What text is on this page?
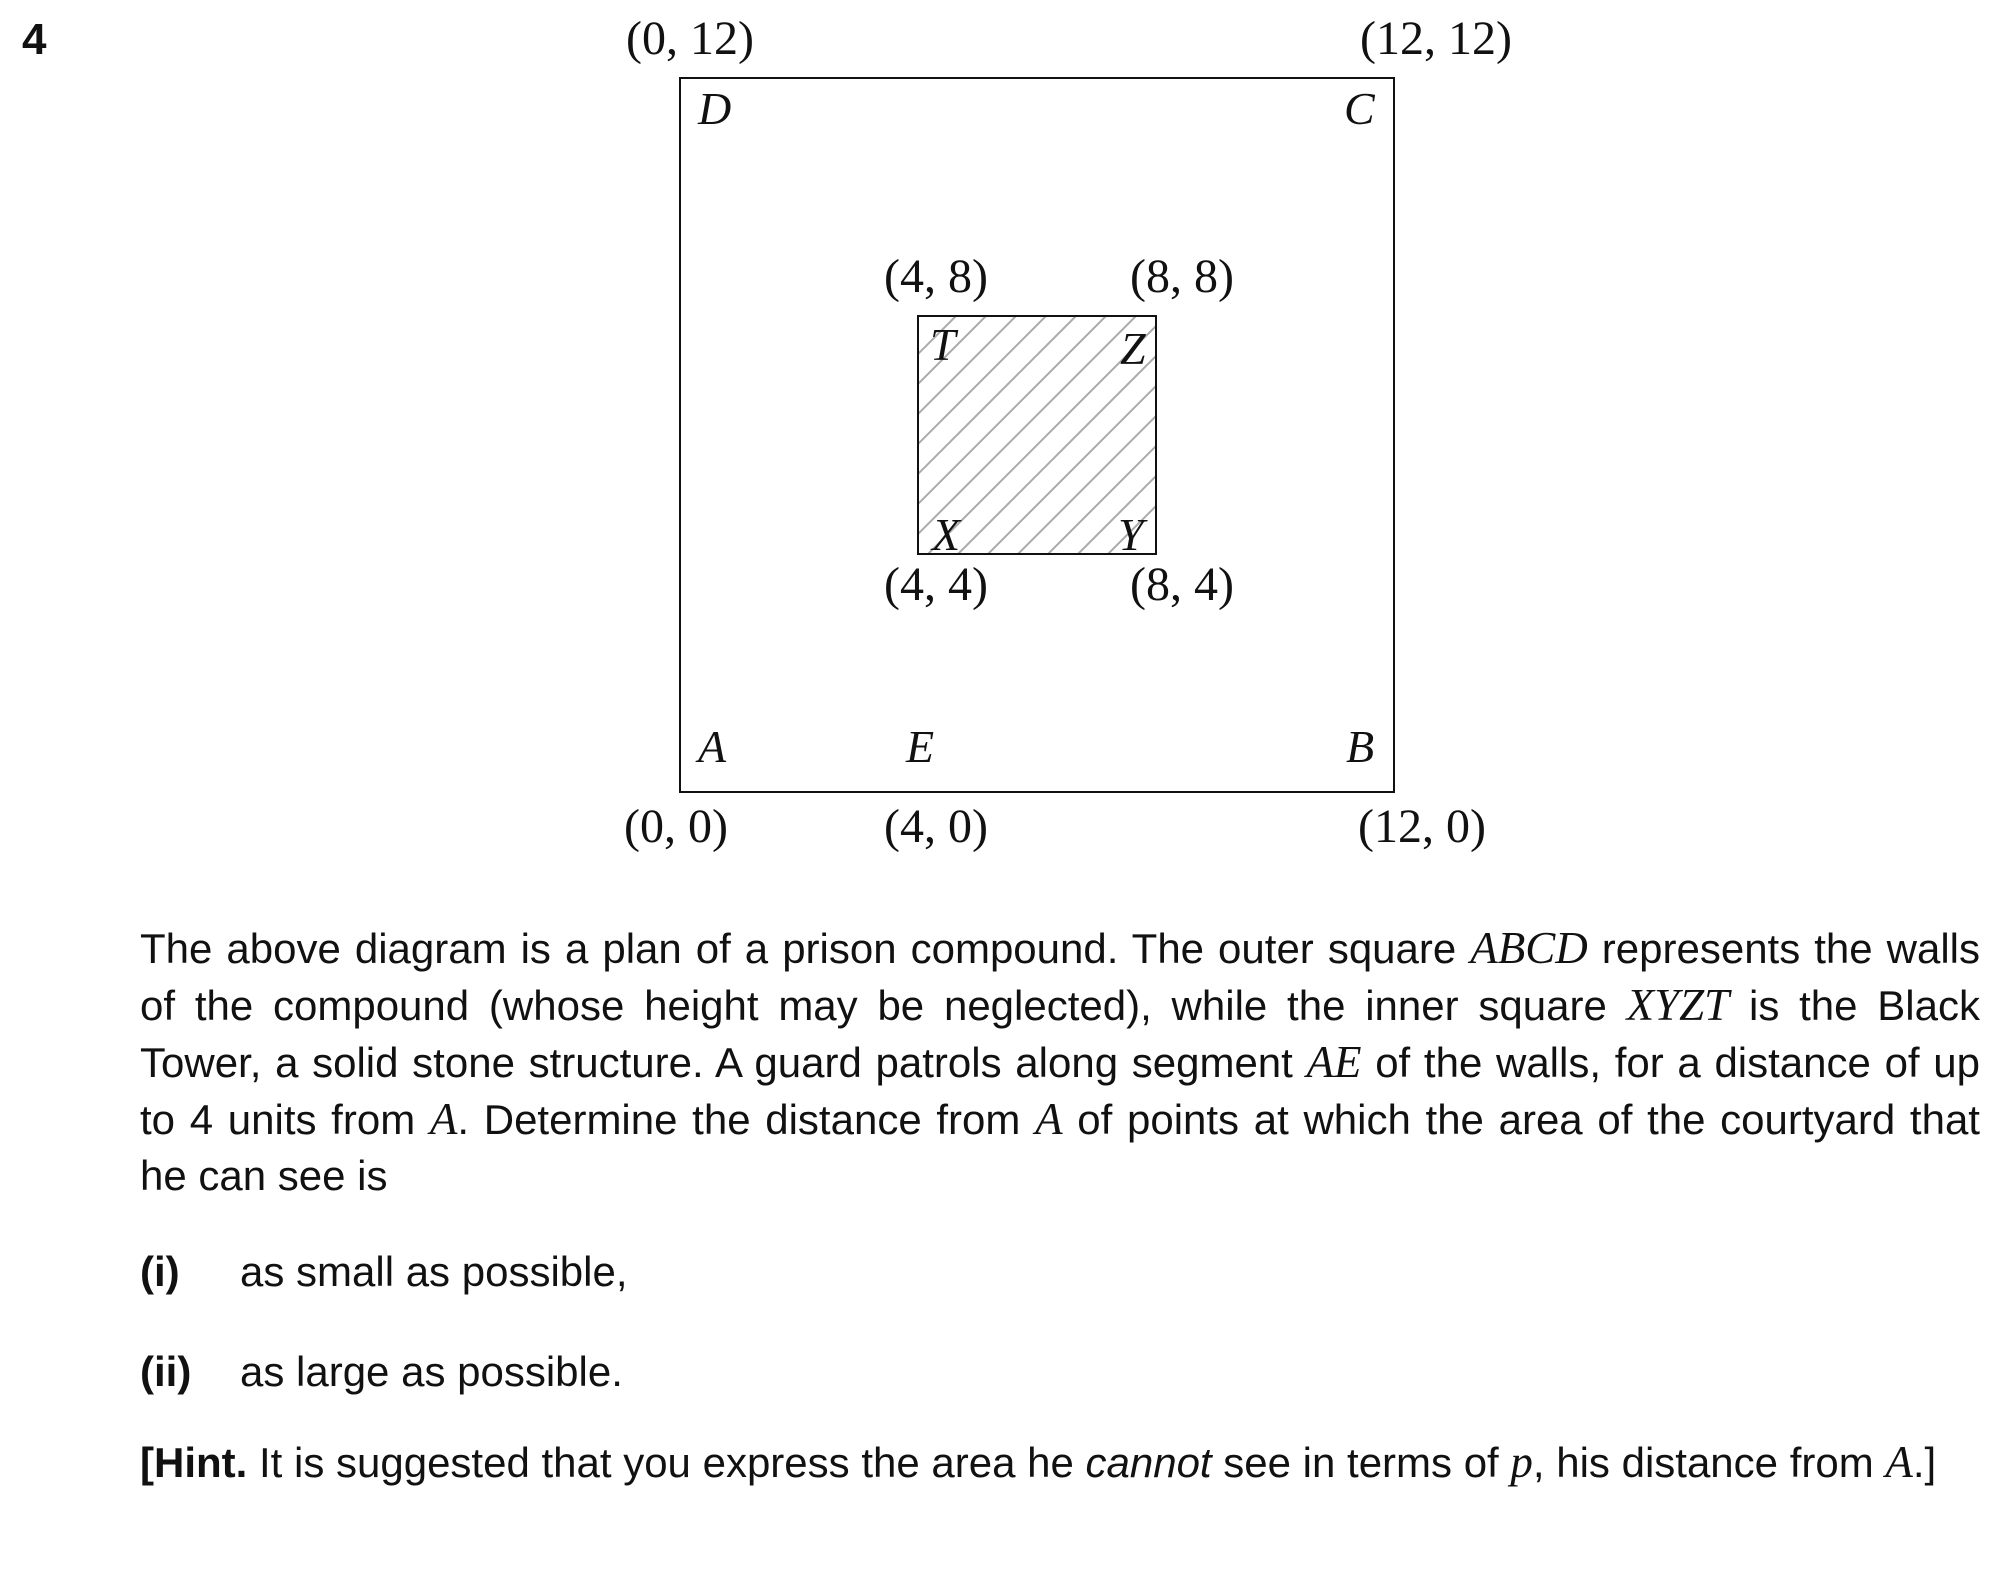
4	(0, 12)	(12, 12)
(0, 0)	(4, 0)	(12, 0)
D	C
A	E	B
(4, 8)	(8, 8)
(4, 4)	(8, 4)
T	Z
X	Y

The above diagram is a plan of a prison compound. The outer square ABCD represents the walls of the compound (whose height may be neglected), while the inner square XYZT is the Black Tower, a solid stone structure. A guard patrols along segment AE of the walls, for a distance of up to 4 units from A. Determine the distance from A of points at which the area of the courtyard that he can see is

(i) as small as possible,

(ii) as large as possible.

[Hint. It is suggested that you express the area he cannot see in terms of p, his distance from A.]
